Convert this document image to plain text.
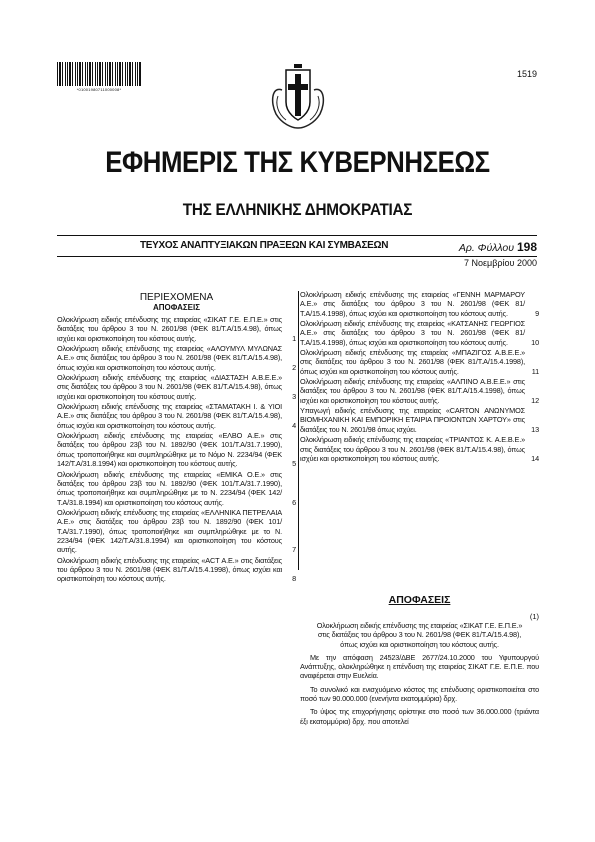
*01001980711000008*
1519
ΕΦΗΜΕΡΙΣ ΤΗΣ ΚΥΒΕΡΝΗΣΕΩΣ
ΤΗΣ ΕΛΛΗΝΙΚΗΣ ΔΗΜΟΚΡΑΤΙΑΣ
ΤΕΥΧΟΣ ΑΝΑΠΤΥΞΙΑΚΩΝ ΠΡΑΞΕΩΝ ΚΑΙ ΣΥΜΒΑΣΕΩΝ	Αρ. Φύλλου 198
7 Νοεμβρίου 2000
ΠΕΡΙΕΧΟΜΕΝΑ
ΑΠΟΦΑΣΕΙΣ
Ολοκλήρωση ειδικής επένδυσης της εταιρείας «ΣΙΚΑΤ Γ.Ε. Ε.Π.Ε.» στις διατάξεις του άρθρου 3 του Ν. 2601/98 (ΦΕΚ 81/Τ.Α/15.4.98), όπως ισχύει και οριστικοποίηση του κόστους αυτής.	1
Ολοκλήρωση ειδικής επένδυσης της εταιρείας «ΑΛΟΥΜΥΛ ΜΥΛΩΝΑΣ Α.Ε.» στις διατάξεις του άρθρου 3 του Ν. 2601/98 (ΦΕΚ 81/Τ.Α/15.4.98), όπως ισχύει και οριστικοποίηση του κόστους αυτής.	2
Ολοκλήρωση ειδικής επένδυσης της εταιρείας «ΔΙΑΣΤΑΣΗ Α.Β.Ε.Ε.» στις διατάξεις του άρθρου 3 του Ν. 2601/98 (ΦΕΚ 81/Τ.Α/15.4.98), όπως ισχύει και οριστικοποίηση του κόστους αυτής.	3
Ολοκλήρωση ειδικής επένδυσης της εταιρείας «ΣΤΑΜΑΤΑΚΗ Ι. & ΥΙΟΙ Α.Ε.» στις διατάξεις του άρθρου 3 του Ν. 2601/98 (ΦΕΚ 81/Τ.Α/15.4.98), όπως ισχύει και οριστικοποίηση του κόστους αυτής.	4
Ολοκλήρωση ειδικής επένδυσης της εταιρείας «ΕΛΒΟ Α.Ε.» στις διατάξεις του άρθρου 23β του Ν. 1892/90 (ΦΕΚ 101/Τ.Α/31.7.1990), όπως τροποποιήθηκε και συμπληρώθηκε με το Νόμο Ν. 2234/94 (ΦΕΚ 142/Τ.Α/31.8.1994) και οριστικοποίηση του κόστους αυτής.	5
Ολοκλήρωση ειδικής επένδυσης της εταιρείας «ΕΜΙΚΑ Ο.Ε.» στις διατάξεις του άρθρου 23β του Ν. 1892/90 (ΦΕΚ 101/Τ.Α/31.7.1990), όπως τροποποιήθηκε και συμπληρώθηκε με το Ν. 2234/94 (ΦΕΚ 142/Τ.Α/31.8.1994) και οριστικοποίηση του κόστους αυτής.	6
Ολοκλήρωση ειδικής επένδυσης της εταιρείας «ΕΛΛΗΝΙΚΑ ΠΕΤΡΕΛΑΙΑ Α.Ε.» στις διατάξεις του άρθρου 23β του Ν. 1892/90 (ΦΕΚ 101/Τ.Α/31.7.1990), όπως τροποποιήθηκε και συμπληρώθηκε με το Ν. 2234/94 (ΦΕΚ 142/Τ.Α/31.8.1994) και οριστικοποίηση του κόστους αυτής.	7
Ολοκλήρωση ειδικής επένδυσης της εταιρείας «ΑCT Α.Ε.» στις διατάξεις του άρθρου 3 του Ν. 2601/98 (ΦΕΚ 81/Τ.Α/15.4.1998), όπως ισχύει και οριστικοποίηση του κόστους αυτής.	8
Ολοκλήρωση ειδικής επένδυσης της εταιρείας «ΓΕΝΝΗ ΜΑΡΜΑΡΟΥ Α.Ε.» στις διατάξεις του άρθρου 3 του Ν. 2601/98 (ΦΕΚ 81/Τ.Α/15.4.1998), όπως ισχύει και οριστικοποίηση του κόστους αυτής.	9
Ολοκλήρωση ειδικής επένδυσης της εταιρείας «ΚΑΤΣΑΝΗΣ ΓΕΩΡΓΙΟΣ Α.Ε.» στις διατάξεις του άρθρου 3 του Ν. 2601/98 (ΦΕΚ 81/Τ.Α/15.4.1998), όπως ισχύει και οριστικοποίηση του κόστους αυτής.	10
Ολοκλήρωση ειδικής επένδυσης της εταιρείας «ΜΠΑΖΙΓΟΣ Α.Β.Ε.Ε.» στις διατάξεις του άρθρου 3 του Ν. 2601/98 (ΦΕΚ 81/Τ.Α/15.4.1998), όπως ισχύει και οριστικοποίηση του κόστους αυτής.	11
Ολοκλήρωση ειδικής επένδυσης της εταιρείας «ΑΛΠΙΝΟ Α.Β.Ε.Ε.» στις διατάξεις του άρθρου 3 του Ν. 2601/98 (ΦΕΚ 81/Τ.Α/15.4.1998), όπως ισχύει και οριστικοποίηση του κόστους αυτής.	12
Υπαγωγή ειδικής επένδυσης της εταιρείας «CARTON ΑΝΩΝΥΜΟΣ ΒΙΟΜΗΧΑΝΙΚΗ ΚΑΙ ΕΜΠΟΡΙΚΗ ΕΤΑΙΡΙΑ ΠΡΟΙΟΝΤΩΝ ΧΑΡΤΟΥ» στις διατάξεις του Ν. 2601/98 όπως ισχύει.	13
Ολοκλήρωση ειδικής επένδυσης της εταιρείας «ΤΡΙΑΝΤΟΣ Κ. Α.Ε.Β.Ε.» στις διατάξεις του άρθρου 3 του Ν. 2601/98 (ΦΕΚ 81/Τ.Α/15.4.98), όπως ισχύει και οριστικοποίηση του κόστους αυτής.	14
ΑΠΟΦΑΣΕΙΣ
(1)

Ολοκλήρωση ειδικής επένδυσης της εταιρείας «ΣΙΚΑΤ Γ.Ε. Ε.Π.Ε.» στις διατάξεις του άρθρου 3 του Ν. 2601/98 (ΦΕΚ 81/Τ.Α/15.4.98), όπως ισχύει και οριστικοποίηση του κόστους αυτής.

Με την απόφαση 24523/ΔΒΕ 2677/24.10.2000 του Υφυπουργού Ανάπτυξης, ολοκληρώθηκε η επένδυση της εταιρείας ΣΙΚΑΤ Γ.Ε. Ε.Π.Ε. που αναφέρεται στην Ευελεία.

Το συνολικό και ενισχυόμενο κόστος της επένδυσης οριστικοποιείται στο ποσό των 90.000.000 (ενενήντα εκατομμύρια) δρχ.

Το ύψος της επιχορήγησης ορίστηκε στο ποσό των 36.000.000 (τριάντα έξι εκατομμύρια) δρχ. που αποτελεί
